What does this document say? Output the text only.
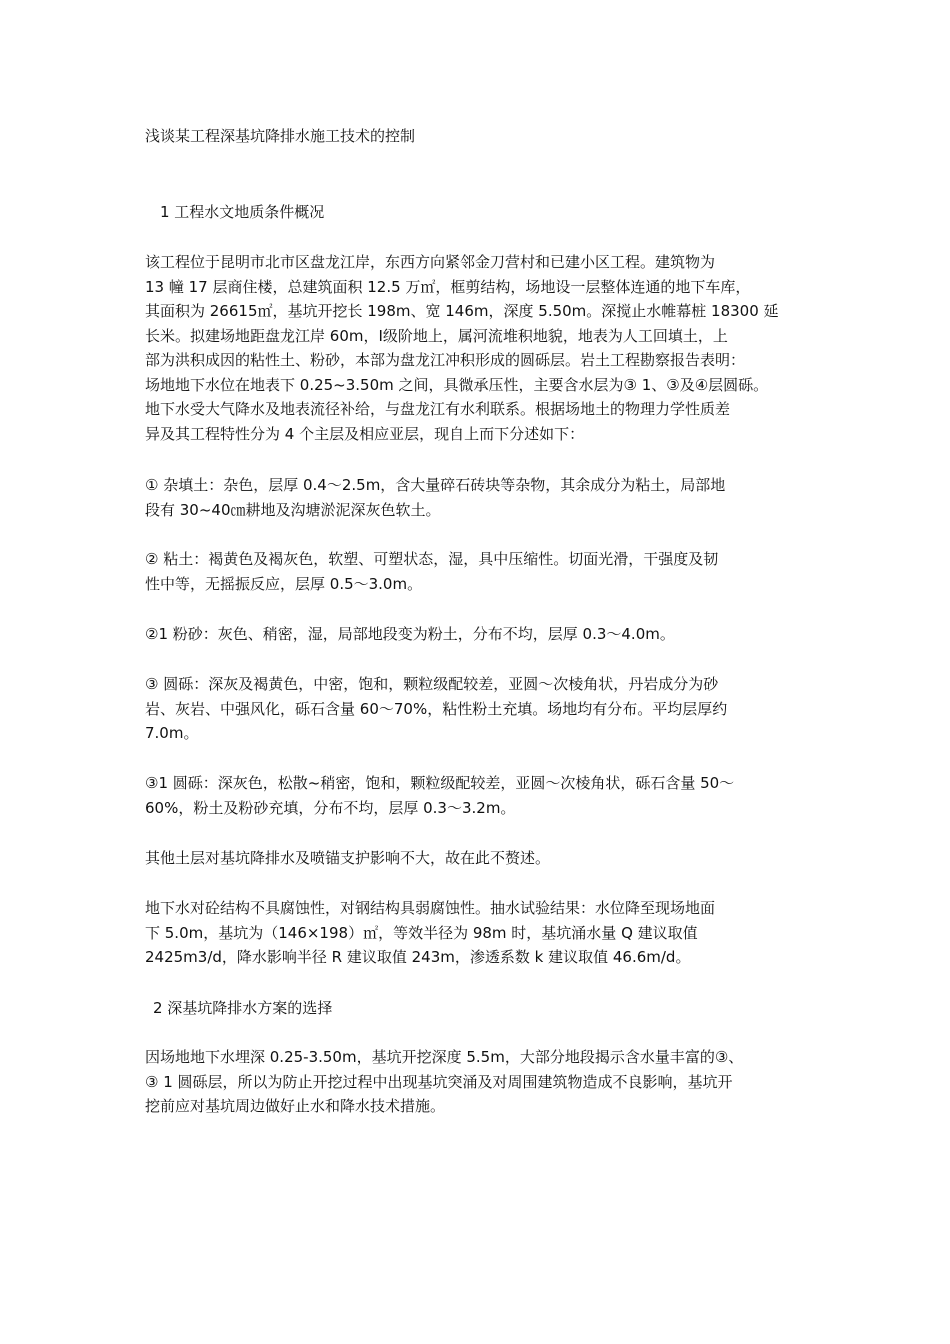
浅谈某工程深基坑降排水施工技术的控制
1 工程水文地质条件概况

该工程位于昆明市北市区盘龙江岸，东西方向紧邻金刀营村和已建小区工程。建筑物为
13 幢 17 层商住楼，总建筑面积 12.5 万㎡，框剪结构，场地设一层整体连通的地下车库，
其面积为 26615㎡，基坑开挖长 198m、宽 146m，深度 5.50m。深搅止水帷幕桩 18300 延
长米。拟建场地距盘龙江岸 60m，Ⅰ级阶地上，属河流堆积地貌，地表为人工回填土，上
部为洪积成因的粘性土、粉砂，本部为盘龙江冲积形成的圆砾层。岩土工程勘察报告表明：
场地地下水位在地表下 0.25~3.50m 之间，具微承压性，主要含水层为③ 1、③及④层圆砾。
地下水受大气降水及地表流径补给，与盘龙江有水利联系。根据场地土的物理力学性质差
异及其工程特性分为 4 个主层及相应亚层，现自上而下分述如下：

① 杂填土：杂色，层厚 0.4～2.5m，含大量碎石砖块等杂物，其余成分为粘土，局部地
段有 30~40㎝耕地及沟塘淤泥深灰色软土。

② 粘土：褐黄色及褐灰色，软塑、可塑状态，湿，具中压缩性。切面光滑，干强度及韧
性中等，无摇振反应，层厚 0.5～3.0m。

②1 粉砂：灰色、稍密，湿，局部地段变为粉土，分布不均，层厚 0.3～4.0m。

③ 圆砾：深灰及褐黄色，中密，饱和，颗粒级配较差，亚圆～次棱角状，丹岩成分为砂
岩、灰岩、中强风化，砾石含量 60～70%，粘性粉土充填。场地均有分布。平均层厚约
7.0m。

③1 圆砾：深灰色，松散~稍密，饱和，颗粒级配较差，亚圆～次棱角状，砾石含量 50～
60%，粉土及粉砂充填，分布不均，层厚 0.3～3.2m。

其他土层对基坑降排水及喷锚支护影响不大，故在此不赘述。

地下水对砼结构不具腐蚀性，对钢结构具弱腐蚀性。抽水试验结果：水位降至现场地面
下 5.0m，基坑为（146×198）㎡，等效半径为 98m 时，基坑涌水量 Q 建议取值
2425m3/d，降水影响半径 R 建议取值 243m，渗透系数 k 建议取值 46.6m/d。

2 深基坑降排水方案的选择

因场地地下水埋深 0.25-3.50m，基坑开挖深度 5.5m，大部分地段揭示含水量丰富的③、
③ 1 圆砾层，所以为防止开挖过程中出现基坑突涌及对周围建筑物造成不良影响，基坑开
挖前应对基坑周边做好止水和降水技术措施。
